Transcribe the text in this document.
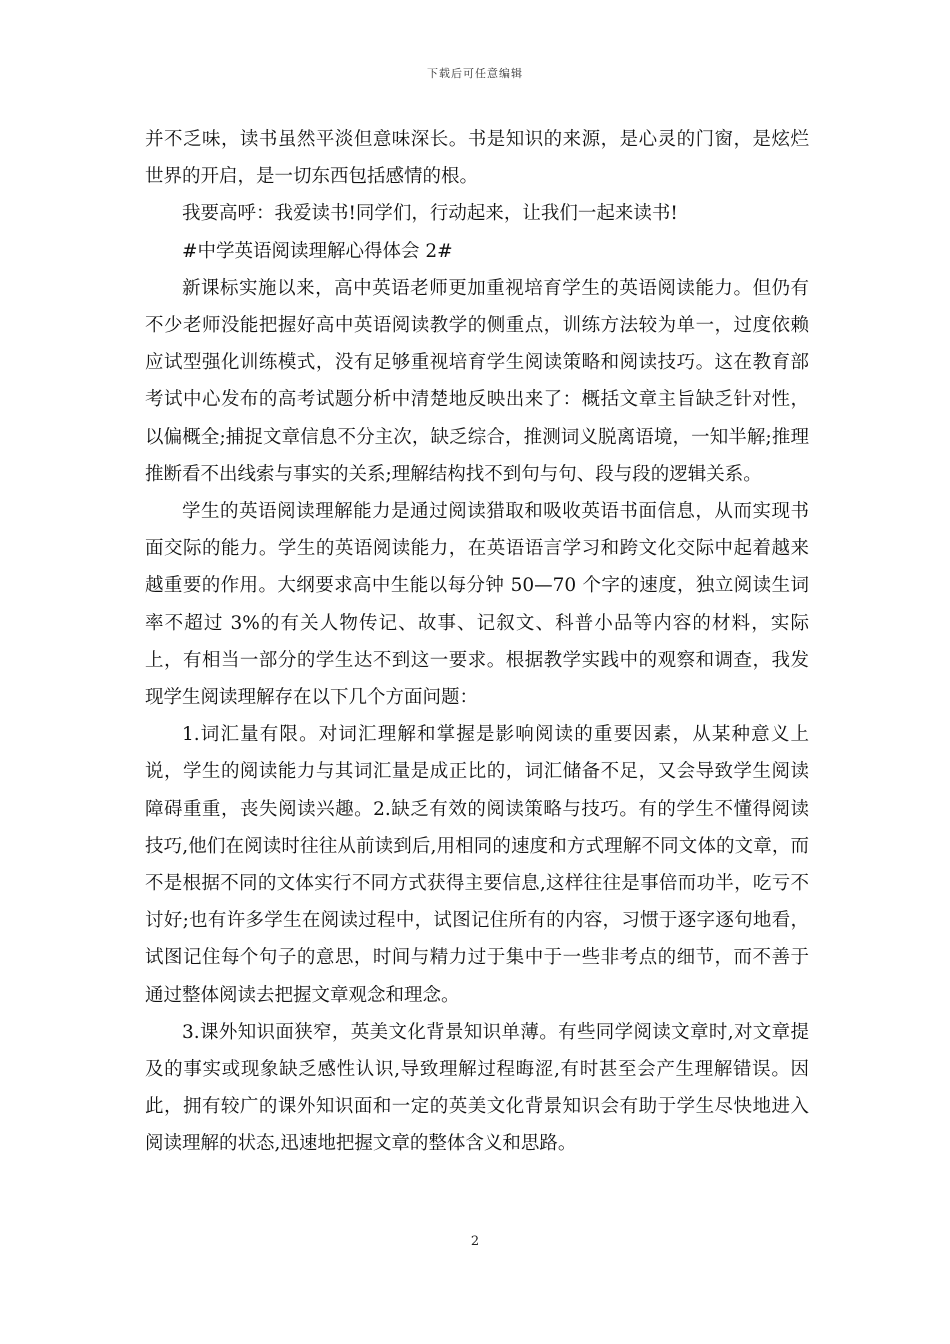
下载后可任意编辑

并不乏味，读书虽然平淡但意味深长。书是知识的来源，是心灵的门窗，是炫烂世界的开启，是一切东西包括感情的根。

我要高呼：我爱读书!同学们，行动起来，让我们一起来读书!

#中学英语阅读理解心得体会 2#

新课标实施以来，高中英语老师更加重视培育学生的英语阅读能力。但仍有不少老师没能把握好高中英语阅读教学的侧重点，训练方法较为单一，过度依赖应试型强化训练模式，没有足够重视培育学生阅读策略和阅读技巧。这在教育部考试中心发布的高考试题分析中清楚地反映出来了：概括文章主旨缺乏针对性，以偏概全;捕捉文章信息不分主次，缺乏综合，推测词义脱离语境，一知半解;推理推断看不出线索与事实的关系;理解结构找不到句与句、段与段的逻辑关系。

学生的英语阅读理解能力是通过阅读猎取和吸收英语书面信息，从而实现书面交际的能力。学生的英语阅读能力，在英语语言学习和跨文化交际中起着越来越重要的作用。大纲要求高中生能以每分钟 50—70 个字的速度，独立阅读生词率不超过 3%的有关人物传记、故事、记叙文、科普小品等内容的材料，实际上，有相当一部分的学生达不到这一要求。根据教学实践中的观察和调查，我发现学生阅读理解存在以下几个方面问题：

1.词汇量有限。对词汇理解和掌握是影响阅读的重要因素，从某种意义上说，学生的阅读能力与其词汇量是成正比的，词汇储备不足，又会导致学生阅读障碍重重，丧失阅读兴趣。2.缺乏有效的阅读策略与技巧。有的学生不懂得阅读技巧,他们在阅读时往往从前读到后,用相同的速度和方式理解不同文体的文章，而不是根据不同的文体实行不同方式获得主要信息,这样往往是事倍而功半，吃亏不讨好;也有许多学生在阅读过程中，试图记住所有的内容，习惯于逐字逐句地看，试图记住每个句子的意思，时间与精力过于集中于一些非考点的细节，而不善于通过整体阅读去把握文章观念和理念。

3.课外知识面狭窄，英美文化背景知识单薄。有些同学阅读文章时,对文章提及的事实或现象缺乏感性认识,导致理解过程晦涩,有时甚至会产生理解错误。因此，拥有较广的课外知识面和一定的英美文化背景知识会有助于学生尽快地进入阅读理解的状态,迅速地把握文章的整体含义和思路。

2
